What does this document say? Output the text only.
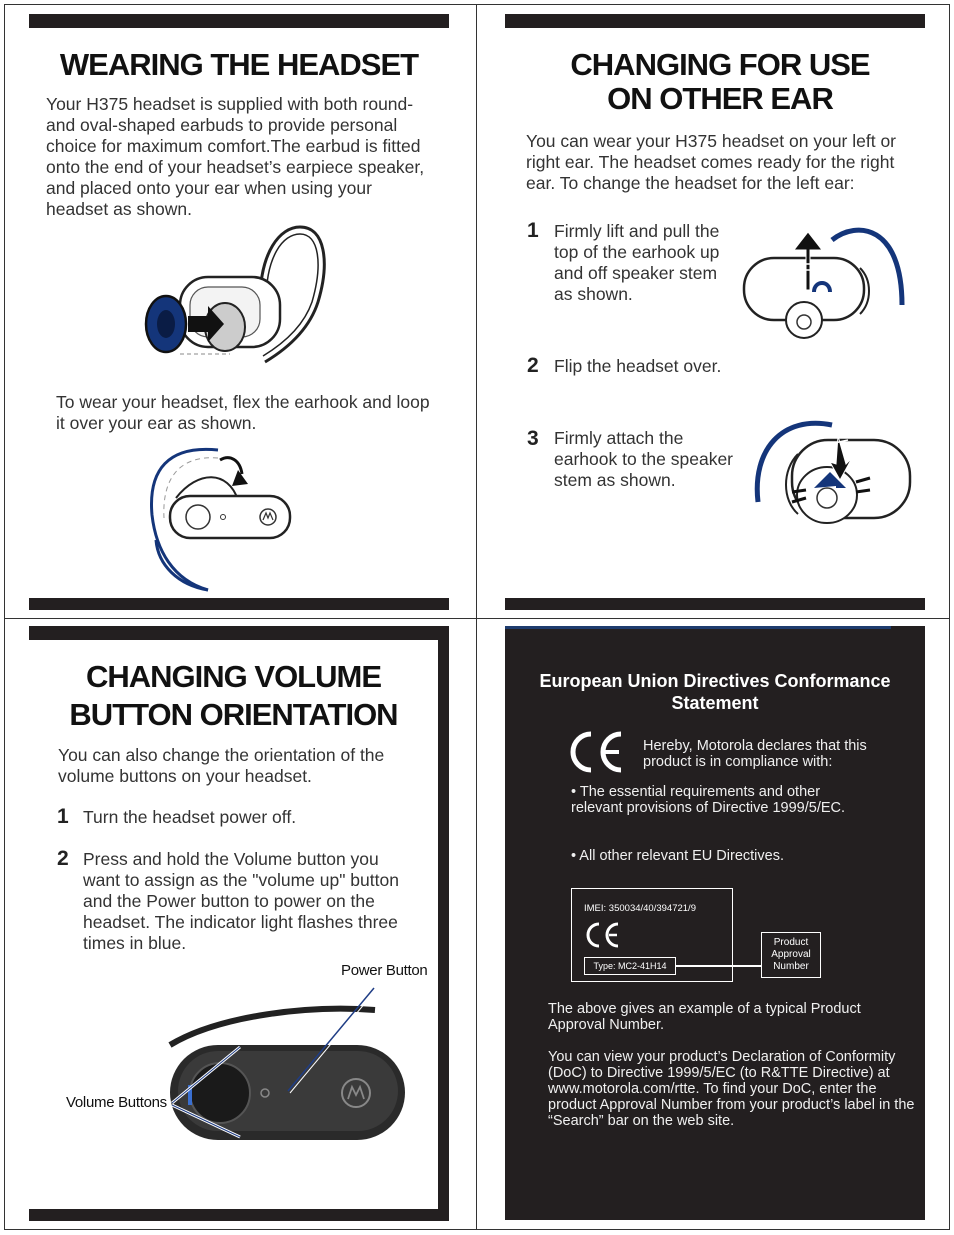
WEARING THE HEADSET
Your H375 headset is supplied with both round-and oval-shaped earbuds to provide personal choice for maximum comfort.The earbud is fitted onto the end of your headset’s earpiece speaker, and placed onto your ear when using your headset as shown.
To wear your headset, flex the earhook and loop it over your ear as shown.
CHANGING FOR USE
ON OTHER EAR
You can wear your H375 headset on your left or right ear. The headset comes ready for the right ear. To change the headset for the left ear:
1 Firmly lift and pull the top of the earhook up and off speaker stem as shown.
2 Flip the headset over.
3 Firmly attach the earhook to the speaker stem as shown.
CHANGING VOLUME
BUTTON ORIENTATION
You can also change the orientation of the volume buttons on your headset.
1 Turn the headset power off.
2 Press and hold the Volume button you want to assign as the "volume up" button and the Power button to power on the headset. The indicator light flashes three times in blue.
Power Button
Volume Buttons
European Union Directives Conformance Statement
Hereby, Motorola declares that this product is in compliance with:
• The essential requirements and other relevant provisions of Directive 1999/5/EC.
• All other relevant EU Directives.
IMEI: 350034/40/394721/9
Type: MC2-41H14
Product Approval Number
The above gives an example of a typical Product Approval Number.
You can view your product’s Declaration of Conformity (DoC) to Directive 1999/5/EC (to R&TTE Directive) at www.motorola.com/rtte. To find your DoC, enter the product Approval Number from your product’s label in the “Search” bar on the web site.
